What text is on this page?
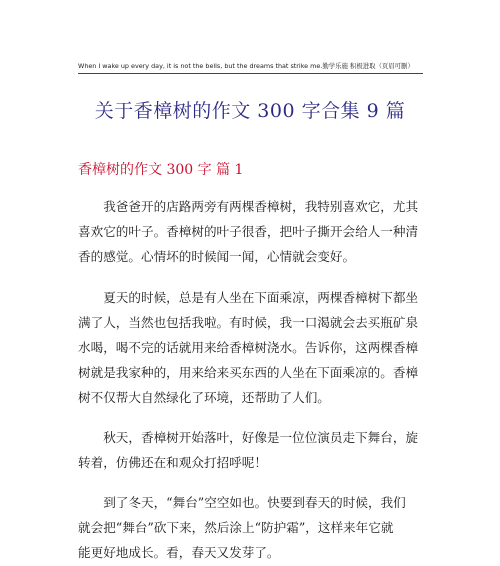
When I wake up every day, it is not the bells, but the dreams that strike me.勤学乐施 积极进取（页眉可删）
关于香樟树的作文 300 字合集 9 篇
香樟树的作文 300 字 篇 1
　　我爸爸开的店路两旁有两棵香樟树，我特别喜欢它，尤其
喜欢它的叶子。香樟树的叶子很香，把叶子撕开会给人一种清
香的感觉。心情坏的时候闻一闻，心情就会变好。
　　夏天的时候，总是有人坐在下面乘凉，两棵香樟树下都坐
满了人，当然也包括我啦。有时候，我一口渴就会去买瓶矿泉
水喝，喝不完的话就用来给香樟树浇水。告诉你，这两棵香樟
树就是我家种的，用来给来买东西的人坐在下面乘凉的。香樟
树不仅帮大自然绿化了环境，还帮助了人们。
　　秋天，香樟树开始落叶，好像是一位位演员走下舞台，旋
转着，仿佛还在和观众打招呼呢！
　　到了冬天，“舞台”空空如也。快要到春天的时候，我们
就会把“舞台”砍下来，然后涂上“防护霜”，这样来年它就
能更好地成长。看，春天又发芽了。
